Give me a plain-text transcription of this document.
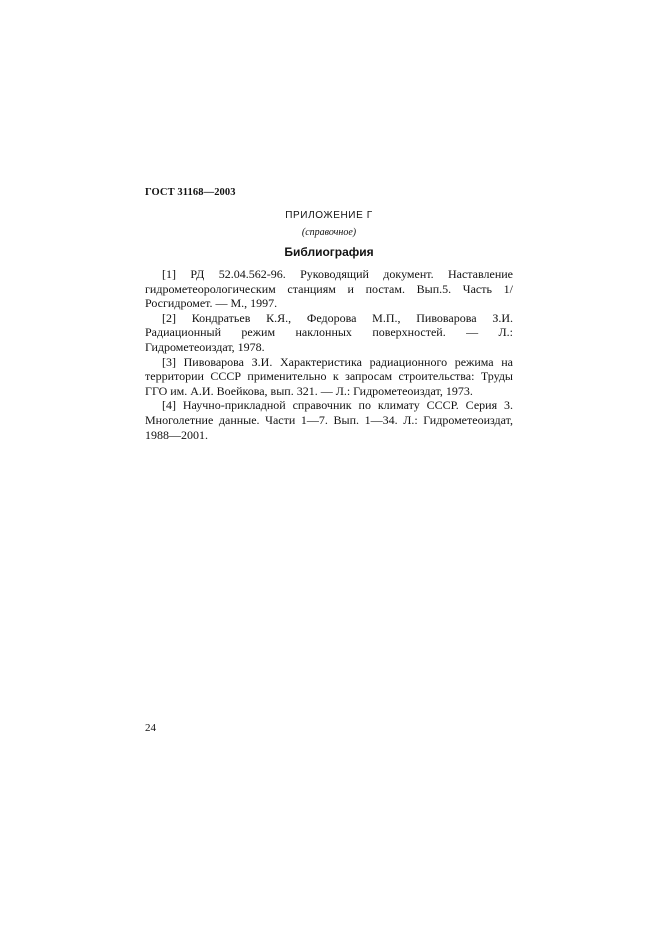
ГОСТ 31168—2003
ПРИЛОЖЕНИЕ Г
(справочное)
Библиография
[1] РД 52.04.562-96. Руководящий документ. Наставление гидрометеорологическим станциям и постам. Вып.5. Часть 1/Росгидромет. — М., 1997.
[2] Кондратьев К.Я., Федорова М.П., Пивоварова З.И. Радиационный режим наклонных поверхностей. — Л.: Гидрометеоиздат, 1978.
[3] Пивоварова З.И. Характеристика радиационного режима на территории СССР применительно к запросам строительства: Труды ГГО им. А.И. Воейкова, вып. 321. — Л.: Гидрометеоиздат, 1973.
[4] Научно-прикладной справочник по климату СССР. Серия 3. Многолетние данные. Части 1—7. Вып. 1—34. Л.: Гидрометеоиздат, 1988—2001.
24
